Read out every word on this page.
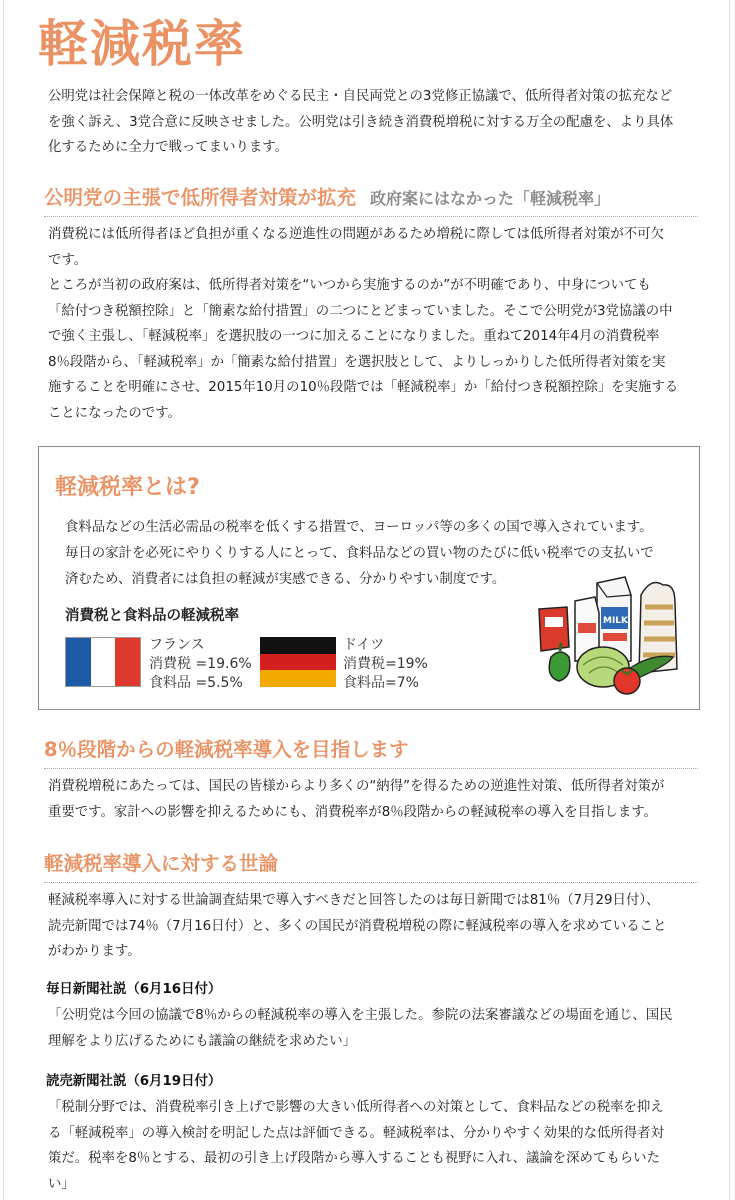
軽減税率
公明党は社会保障と税の一体改革をめぐる民主・自民両党との3党修正協議で、低所得者対策の拡充など
を強く訴え、3党合意に反映させました。公明党は引き続き消費税増税に対する万全の配慮を、より具体
化するために全力で戦ってまいります。
公明党の主張で低所得者対策が拡充 政府案にはなかった「軽減税率」
消費税には低所得者ほど負担が重くなる逆進性の問題があるため増税に際しては低所得者対策が不可欠
です。
ところが当初の政府案は、低所得者対策を“いつから実施するのか”が不明確であり、中身についても
「給付つき税額控除」と「簡素な給付措置」の二つにとどまっていました。そこで公明党が3党協議の中
で強く主張し、「軽減税率」を選択肢の一つに加えることになりました。重ねて2014年4月の消費税率
8％段階から、「軽減税率」か「簡素な給付措置」を選択肢として、よりしっかりした低所得者対策を実
施することを明確にさせ、2015年10月の10％段階では「軽減税率」か「給付つき税額控除」を実施する
ことになったのです。
軽減税率とは?
食料品などの生活必需品の税率を低くする措置で、ヨーロッパ等の多くの国で導入されています。
毎日の家計を必死にやりくりする人にとって、食料品などの買い物のたびに低い税率での支払いで
済むため、消費者には負担の軽減が実感できる、分かりやすい制度です。
消費税と食料品の軽減税率
フランス
消費税 =19.6%
食料品 =5.5%
ドイツ
消費税=19%
食料品=7%
MILK
8％段階からの軽減税率導入を目指します
消費税増税にあたっては、国民の皆様からより多くの“納得”を得るための逆進性対策、低所得者対策が
重要です。家計への影響を抑えるためにも、消費税率が8％段階からの軽減税率の導入を目指します。
軽減税率導入に対する世論
軽減税率導入に対する世論調査結果で導入すべきだと回答したのは毎日新聞では81％（7月29日付）、
読売新聞では74％（7月16日付）と、多くの国民が消費税増税の際に軽減税率の導入を求めていること
がわかります。
毎日新聞社説（6月16日付）
「公明党は今回の協議で8％からの軽減税率の導入を主張した。参院の法案審議などの場面を通じ、国民
理解をより広げるためにも議論の継続を求めたい」
読売新聞社説（6月19日付）
「税制分野では、消費税率引き上げで影響の大きい低所得者への対策として、食料品などの税率を抑え
る「軽減税率」の導入検討を明記した点は評価できる。軽減税率は、分かりやすく効果的な低所得者対
策だ。税率を8％とする、最初の引き上げ段階から導入することも視野に入れ、議論を深めてもらいた
い」
